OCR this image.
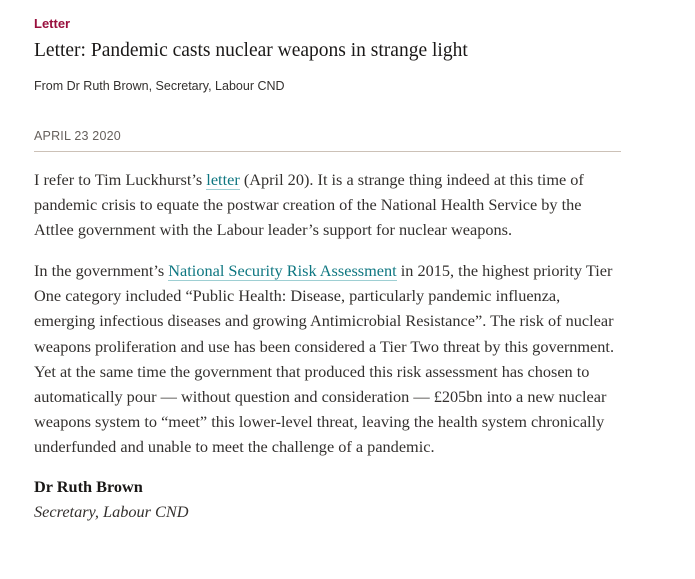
Letter
Letter: Pandemic casts nuclear weapons in strange light
From Dr Ruth Brown, Secretary, Labour CND
APRIL 23 2020

I refer to Tim Luckhurst’s letter (April 20). It is a strange thing indeed at this time of pandemic crisis to equate the postwar creation of the National Health Service by the Attlee government with the Labour leader’s support for nuclear weapons.

In the government’s National Security Risk Assessment in 2015, the highest priority Tier One category included “Public Health: Disease, particularly pandemic influenza, emerging infectious diseases and growing Antimicrobial Resistance”. The risk of nuclear weapons proliferation and use has been considered a Tier Two threat by this government. Yet at the same time the government that produced this risk assessment has chosen to automatically pour — without question and consideration — £205bn into a new nuclear weapons system to “meet” this lower-level threat, leaving the health system chronically underfunded and unable to meet the challenge of a pandemic.

Dr Ruth Brown
Secretary, Labour CND
